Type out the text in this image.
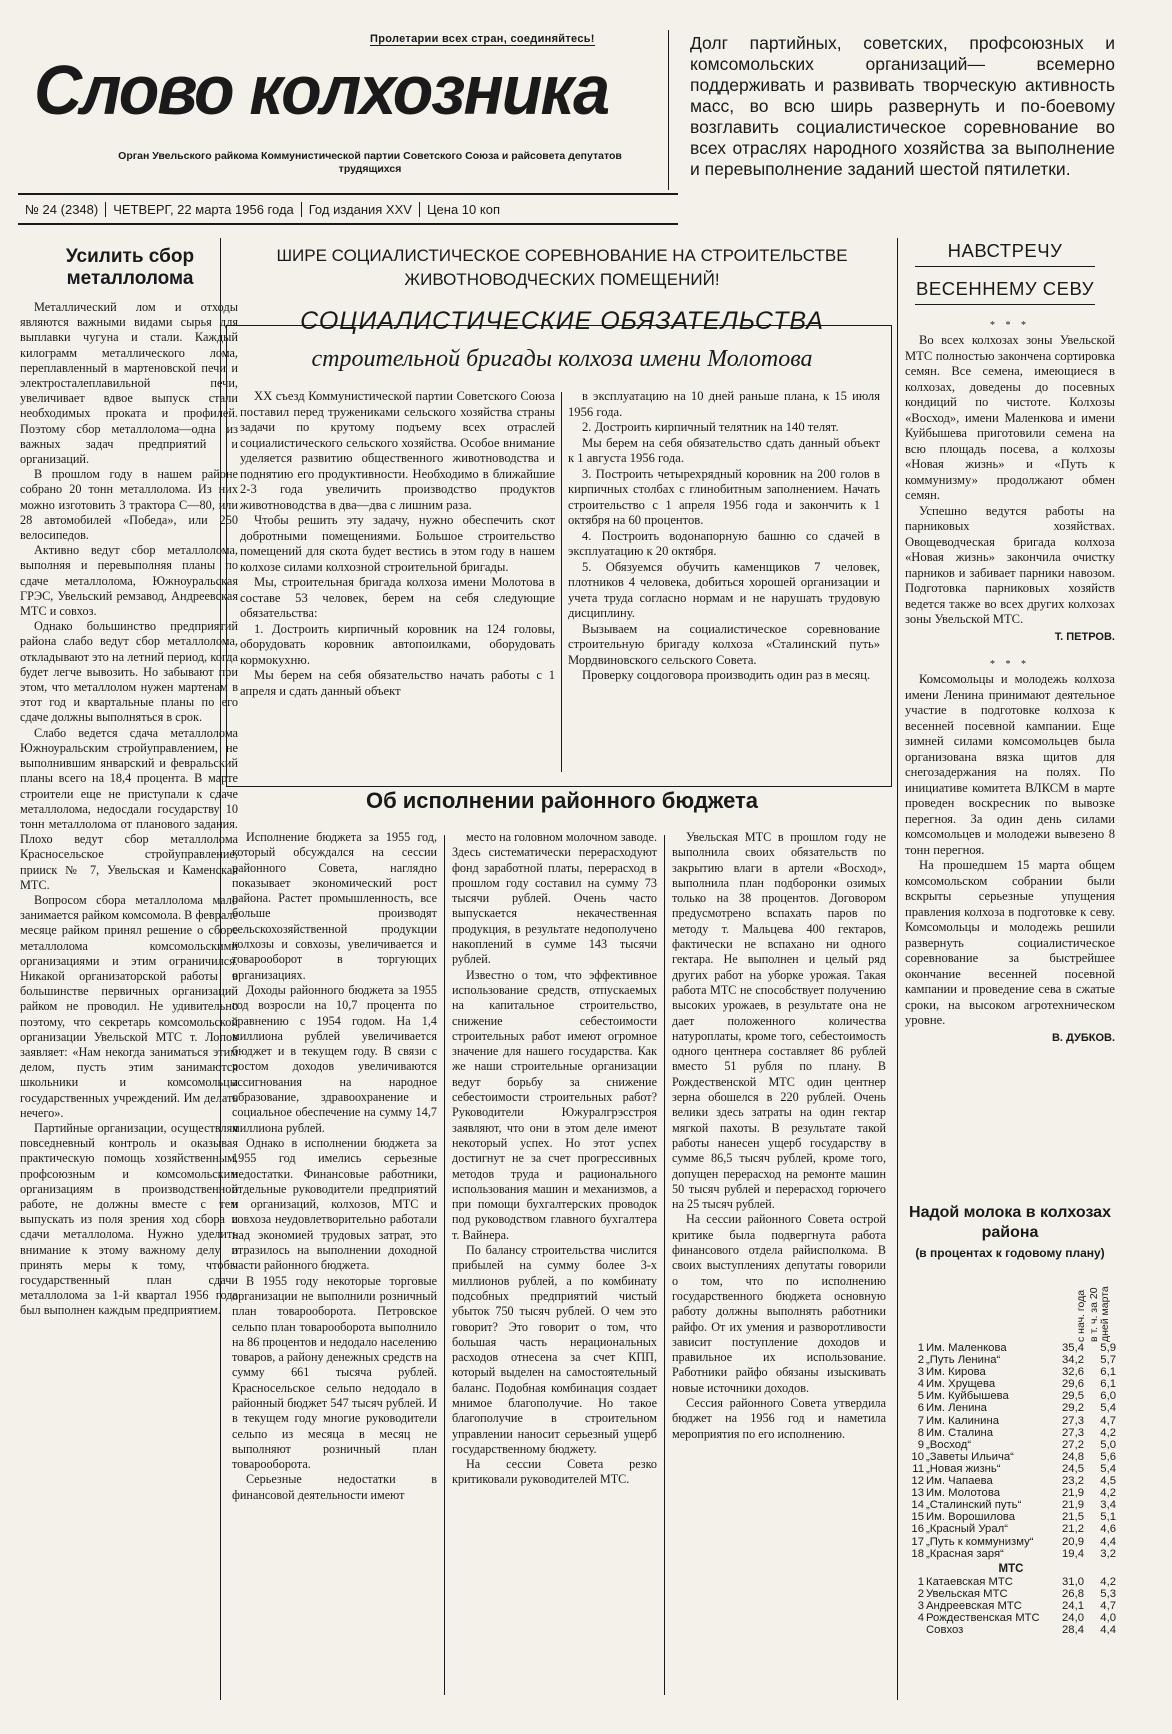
Пролетарии всех стран, соединяйтесь!
Слово колхозника
Орган Увельского райкома Коммунистической партии Советского Союза и райсовета депутатов трудящихся
Долг партийных, советских, профсоюзных и комсомольских организаций— всемерно поддерживать и развивать творческую активность масс, во всю ширь развернуть и по-боевому возглавить социалистическое соревнование во всех отраслях народного хозяйства за выполнение и перевыполнение заданий шестой пятилетки.
№ 24 (2348)	ЧЕТВЕРГ, 22 марта 1956 года	Год издания XXV	Цена 10 коп
Усилить сбор металлолома

Металлический лом и отходы являются важными видами сырья для выплавки чугуна и стали. Каждый килограмм металлического лома, переплавленный в мартеновской печи и электросталеплавильной печи, увеличивает вдвое выпуск стали необходимых проката и профилей. Поэтому сбор металлолома—одна из важных задач предприятий и организаций.

В прошлом году в нашем районе собрано 20 тонн металлолома. Из них можно изготовить 3 трактора С—80, или 28 автомобилей «Победа», или 250 велосипедов.

Активно ведут сбор металлолома, выполняя и перевыполняя планы по сдаче металлолома, Южноуральская ГРЭС, Увельский ремзавод, Андреевская МТС и совхоз.

Однако большинство предприятий района слабо ведут сбор металлолома, откладывают это на летний период, когда будет легче вывозить. Но забывают при этом, что металлолом нужен мартенам в этот год и квартальные планы по его сдаче должны выполняться в срок.

Слабо ведется сдача металлолома Южноуральским стройуправлением, не выполнившим январский и февральский планы всего на 18,4 процента. В марте строители еще не приступали к сдаче металлолома, недосдали государству 10 тонн металлолома от планового задания. Плохо ведут сбор металлолома Красносельское стройуправление, прииск № 7, Увельская и Каменская МТС.

Вопросом сбора металлолома мало занимается райком комсомола. В феврале месяце райком принял решение о сборе металлолома комсомольскими организациями и этим ограничился. Никакой организаторской работы в большинстве первичных организаций райком не проводил. Не удивительно поэтому, что секретарь комсомольской организации Увельской МТС т. Лопов заявляет: «Нам некогда заниматься этим делом, пусть этим занимаются школьники и комсомольцы государственных учреждений. Им делать нечего».

Партийные организации, осуществляя повседневный контроль и оказывая практическую помощь хозяйственным, профсоюзным и комсомольским организациям в производственной работе, не должны вместе с тем выпускать из поля зрения ход сбора и сдачи металлолома. Нужно уделить внимание к этому важному делу и принять меры к тому, чтобы государственный план сдачи металлолома за 1-й квартал 1956 года был выполнен каждым предприятием.

ШИРЕ СОЦИАЛИСТИЧЕСКОЕ СОРЕВНОВАНИЕ НА СТРОИТЕЛЬСТВЕ ЖИВОТНОВОДЧЕСКИХ ПОМЕЩЕНИЙ!
СОЦИАЛИСТИЧЕСКИЕ ОБЯЗАТЕЛЬСТВА
строительной бригады колхоза имени Молотова

XX съезд Коммунистической партии Советского Союза поставил перед тружениками сельского хозяйства страны задачи по крутому подъему всех отраслей социалистического сельского хозяйства. Особое внимание уделяется развитию общественного животноводства и поднятию его продуктивности. Необходимо в ближайшие 2-3 года увеличить производство продуктов животноводства в два—два с лишним раза.

Чтобы решить эту задачу, нужно обеспечить скот добротными помещениями. Большое строительство помещений для скота будет вестись в этом году в нашем колхозе силами колхозной строительной бригады.

Мы, строительная бригада колхоза имени Молотова в составе 53 человек, берем на себя следующие обязательства:

1. Достроить кирпичный коровник на 124 головы, оборудовать коровник автопоилками, оборудовать кормокухню.

Мы берем на себя обязательство начать работы с 1 апреля и сдать данный объект

в эксплуатацию на 10 дней раньше плана, к 15 июля 1956 года.

2. Достроить кирпичный телятник на 140 телят.

Мы берем на себя обязательство сдать данный объект к 1 августа 1956 года.

3. Построить четырехрядный коровник на 200 голов в кирпичных столбах с глинобитным заполнением. Начать строительство с 1 апреля 1956 года и закончить к 1 октября на 60 процентов.

4. Построить водонапорную башню со сдачей в эксплуатацию к 20 октября.

5. Обязуемся обучить каменщиков 7 человек, плотников 4 человека, добиться хорошей организации и учета труда согласно нормам и не нарушать трудовую дисциплину.

Вызываем на социалистическое соревнование строительную бригаду колхоза «Сталинский путь» Мордвиновского сельского Совета.

Проверку соцдоговора производить один раз в месяц.

Об исполнении районного бюджета

Исполнение бюджета за 1955 год, который обсуждался на сессии районного Совета, наглядно показывает экономический рост района. Растет промышленность, все больше производят сельскохозяйственной продукции колхозы и совхозы, увеличивается и товарооборот в торгующих организациях.

Доходы районного бюджета за 1955 год возросли на 10,7 процента по сравнению с 1954 годом. На 1,4 миллиона рублей увеличивается бюджет и в текущем году. В связи с ростом доходов увеличиваются ассигнования на народное образование, здравоохранение и социальное обеспечение на сумму 14,7 миллиона рублей.

Однако в исполнении бюджета за 1955 год имелись серьезные недостатки. Финансовые работники, отдельные руководители предприятий и организаций, колхозов, МТС и совхоза неудовлетворительно работали над экономией трудовых затрат, это отразилось на выполнении доходной части районного бюджета.

В 1955 году некоторые торговые организации не выполнили розничный план товарооборота. Петровское сельпо план товарооборота выполнило на 86 процентов и недодало населению товаров, а району денежных средств на сумму 661 тысяча рублей. Красносельское сельпо недодало в районный бюджет 547 тысяч рублей. И в текущем году многие руководители сельпо из месяца в месяц не выполняют розничный план товарооборота.

Серьезные недостатки в финансовой деятельности имеют

место на головном молочном заводе. Здесь систематически перерасходуют фонд заработной платы, перерасход в прошлом году составил на сумму 73 тысячи рублей. Очень часто выпускается некачественная продукция, в результате недополучено накоплений в сумме 143 тысячи рублей.

Известно о том, что эффективное использование средств, отпускаемых на капитальное строительство, снижение себестоимости строительных работ имеют огромное значение для нашего государства. Как же наши строительные организации ведут борьбу за снижение себестоимости строительных работ? Руководители Южуралгрэсстроя заявляют, что они в этом деле имеют некоторый успех. Но этот успех достигнут не за счет прогрессивных методов труда и рационального использования машин и механизмов, а при помощи бухгалтерских проводок под руководством главного бухгалтера т. Вайнера.

По балансу строительства числится прибылей на сумму более 3-х миллионов рублей, а по комбинату подсобных предприятий чистый убыток 750 тысяч рублей. О чем это говорит? Это говорит о том, что большая часть нерациональных расходов отнесена за счет КПП, который выделен на самостоятельный баланс. Подобная комбинация создает мнимое благополучие. Но такое благополучие в строительном управлении наносит серьезный ущерб государственному бюджету.

На сессии Совета резко критиковали руководителей МТС.

Увельская МТС в прошлом году не выполнила своих обязательств по закрытию влаги в артели «Восход», выполнила план подборонки озимых только на 38 процентов. Договором предусмотрено вспахать паров по методу т. Мальцева 400 гектаров, фактически не вспахано ни одного гектара. Не выполнен и целый ряд других работ на уборке урожая. Такая работа МТС не способствует получению высоких урожаев, в результате она не дает положенного количества натуроплаты, кроме того, себестоимость одного центнера составляет 86 рублей вместо 51 рубля по плану. В Рождественской МТС один центнер зерна обошелся в 220 рублей. Очень велики здесь затраты на один гектар мягкой пахоты. В результате такой работы нанесен ущерб государству в сумме 86,5 тысяч рублей, кроме того, допущен перерасход на ремонте машин 50 тысяч рублей и перерасход горючего на 25 тысяч рублей.

На сессии районного Совета острой критике была подвергнута работа финансового отдела райисполкома. В своих выступлениях депутаты говорили о том, что по исполнению государственного бюджета основную работу должны выполнять работники райфо. От их умения и разворотливости зависит поступление доходов и правильное их использование. Работники райфо обязаны изыскивать новые источники доходов.

Сессия районного Совета утвердила бюджет на 1956 год и наметила мероприятия по его исполнению.

НАВСТРЕЧУ
ВЕСЕННЕМУ СЕВУ
* * *

Во всех колхозах зоны Увельской МТС полностью закончена сортировка семян. Все семена, имеющиеся в колхозах, доведены до посевных кондиций по чистоте. Колхозы «Восход», имени Маленкова и имени Куйбышева приготовили семена на всю площадь посева, а колхозы «Новая жизнь» и «Путь к коммунизму» продолжают обмен семян.

Успешно ведутся работы на парниковых хозяйствах. Овощеводческая бригада колхоза «Новая жизнь» закончила очистку парников и забивает парники навозом. Подготовка парниковых хозяйств ведется также во всех других колхозах зоны Увельской МТС.

Т. ПЕТРОВ.
* * *

Комсомольцы и молодежь колхоза имени Ленина принимают деятельное участие в подготовке колхоза к весенней посевной кампании. Еще зимней силами комсомольцев была организована вязка щитов для снегозадержания на полях. По инициативе комитета ВЛКСМ в марте проведен воскресник по вывозке перегноя. За один день силами комсомольцев и молодежи вывезено 8 тонн перегноя.

На прошедшем 15 марта общем комсомольском собрании были вскрыты серьезные упущения правления колхоза в подготовке к севу. Комсомольцы и молодежь решили развернуть социалистическое соревнование за быстрейшее окончание весенней посевной кампании и проведение сева в сжатые сроки, на высоком агротехническом уровне.

В. ДУБКОВ.
Надой молока в колхозах района
(в процентах к годовому плану)
с нач. года в т. ч. за 20 дней марта
1	Им. Маленкова	35,4	5,9
2	„Путь Ленина“	34,2	5,7
3	Им. Кирова	32,6	6,1
4	Им. Хрущева	29,6	6,1
5	Им. Куйбышева	29,5	6,0
6	Им. Ленина	29,2	5,4
7	Им. Калинина	27,3	4,7
8	Им. Сталина	27,3	4,2
9	„Восход“	27,2	5,0
10	„Заветы Ильича“	24,8	5,6
11	„Новая жизнь“	24,5	5,4
12	Им. Чапаева	23,2	4,5
13	Им. Молотова	21,9	4,2
14	„Сталинский путь“	21,9	3,4
15	Им. Ворошилова	21,5	5,1
16	„Красный Урал“	21,2	4,6
17	„Путь к коммунизму“	20,9	4,4
18	„Красная заря“	19,4	3,2
МТС
1	Катаевская МТС	31,0	4,2
2	Увельская МТС	26,8	5,3
3	Андреевская МТС	24,1	4,7
4	Рождественская МТС	24,0	4,0
	Совхоз	28,4	4,4
